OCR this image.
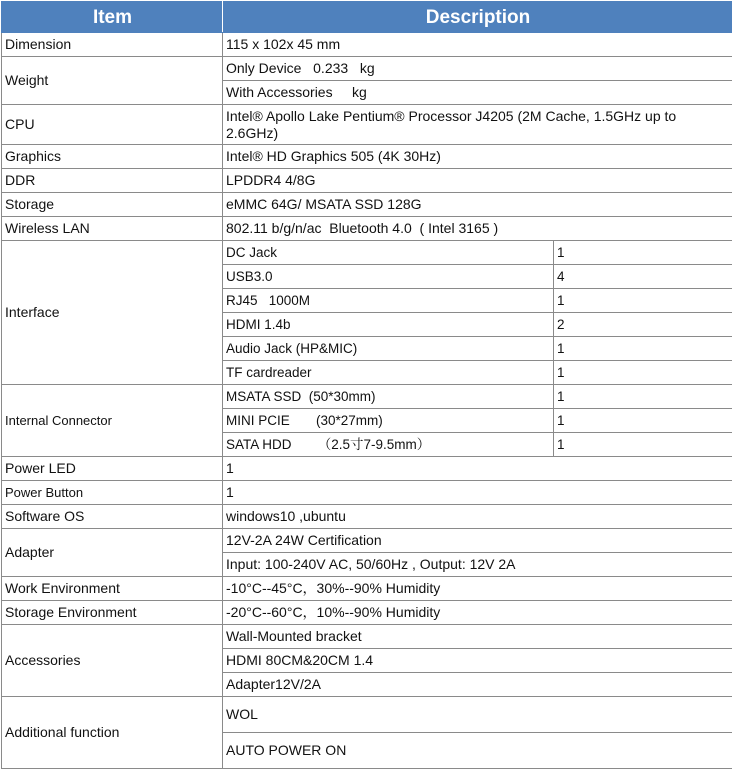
Item	Description	
Dimension	115 x 102x 45 mm	
Weight	Only Device   0.233   kg	
	With Accessories     kg	
CPU	Intel® Apollo Lake Pentium® Processor J4205 (2M Cache, 1.5GHz up to 2.6GHz)	
Graphics	Intel® HD Graphics 505 (4K 30Hz)	
DDR	LPDDR4 4/8G	
Storage	eMMC 64G/ MSATA SSD 128G	
Wireless LAN	802.11 b/g/n/ac  Bluetooth 4.0  ( Intel 3165 )	
Interface	DC Jack	1
	USB3.0	4
	RJ45   1000M	1
	HDMI 1.4b	2
	Audio Jack (HP&MIC)	1
	TF cardreader	1
Internal Connector	MSATA SSD  (50*30mm)	1
	MINI PCIE       (30*27mm)	1
	SATA HDD       （2.5寸7-9.5mm）	1
Power LED	1	
Power Button	1	
Software OS	windows10 ,ubuntu	
Adapter	12V-2A 24W Certification	
	Input: 100-240V AC, 50/60Hz , Output: 12V 2A	
Work Environment	-10°C--45°C，30%--90% Humidity	
Storage Environment	-20°C--60°C，10%--90% Humidity	
Accessories	Wall-Mounted bracket	
	HDMI 80CM&20CM 1.4	
	Adapter12V/2A	
Additional function	WOL	
	AUTO POWER ON	
